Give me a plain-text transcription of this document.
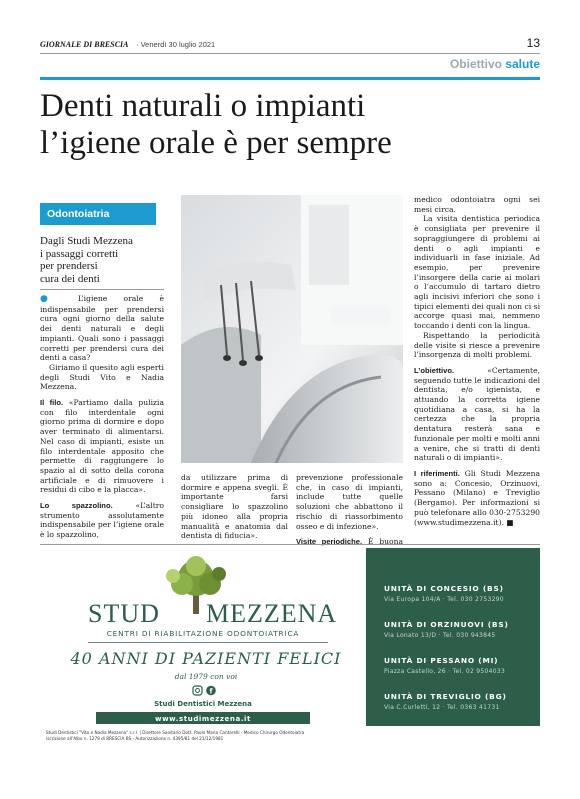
GIORNALE DI BRESCIA · Venerdì 30 luglio 2021	13
Obiettivo salute
Denti naturali o impianti
l’igiene orale è per sempre
Odontoiatria
Dagli Studi Mezzena
i passaggi corretti
per prendersi
cura dei denti

● L’igiene orale è indispensabile per prendersi cura ogni giorno della salute dei denti naturali e degli impianti. Quali sono i passaggi corretti per prendersi cura dei denti a casa?

Giriamo il quesito agli esperti degli Studi Vito e Nadia Mezzena.

Il filo. «Partiamo dalla pulizia con filo interdentale ogni giorno prima di dormire e dopo aver terminato di alimentarsi. Nel caso di impianti, esiste un filo interdentale apposito che permette di raggiungere lo spazio al di sotto della corona artificiale e di rimuovere i residui di cibo e la placca».

Lo spazzolino.	«L’altro strumento assolutamente indispensabile per l’igiene orale è lo spazzolino,

da utilizzare prima di dormire e appena svegli. È importante farsi consigliare lo spazzolino più idoneo alla propria manualità e anatomia dal dentista di fiducia».

prevenzione professionale che, in caso di impianti, include tutte quelle soluzioni che abbattono il rischio di riassorbimento osseo e di infezione».

Visite periodiche. È buona

medico odontoiatra ogni sei mesi circa.

La visita dentistica periodica è consigliata per prevenire il sopraggiungere di problemi ai denti o agli impianti e individuarli in fase iniziale. Ad esempio, per prevenire l’insorgere della carie ai molari o l’accumulo di tartaro dietro agli incisivi inferiori che sono i tipici elementi dei quali non ci si accorge quasi mai, nemmeno toccando i denti con la lingua.

Rispettando la periodicità delle visite si riesce a prevenire l’insorgenza di molti problemi.

L’obiettivo.	«Certamente, seguendo tutte le indicazioni del dentista, e/o igienista, e attuando la corretta igiene quotidiana a casa, si ha la certezza che la propria dentatura resterà sana e funzionale per molti e molti anni a venire, che si tratti di denti naturali o di impianti».

I riferimenti. Gli Studi Mezzena sono a: Concesio, Orzinuovi, Pessano (Milano) e Treviglio (Bergamo). Per informazioni si può telefonare allo 030-2753290 (www.studimezzena.it). ■

STUD MEZZENA
CENTRI DI RIABILITAZIONE ODONTOIATRICA
40 ANNI DI PAZIENTI FELICI
dal 1979 con voi
f
Studi Dentistici Mezzena
www.studimezzena.it
UNITÀ DI CONCESIO (BS)
Via Europa 104/A · Tel. 030 2753290
UNITÀ DI ORZINUOVI (BS)
Via Lonato 13/D · Tel. 030 943845
UNITÀ DI PESSANO (MI)
Piazza Castello, 26 · Tel. 02 9504033
UNITÀ DI TREVIGLIO (BG)
Via C.Curletti, 12 · Tel. 0363 41731
Studi Dentistici "Vito e Nadia Mezzena" s.r.l. | Direttore Sanitario Dott. Paolo Maria Cantarelli - Medico Chirurgo Odontoiatra
iscrizione all’Albo n. 1279 di BRESCIA BS - Autorizzazione n. 4395/81 del 21/12/1981
